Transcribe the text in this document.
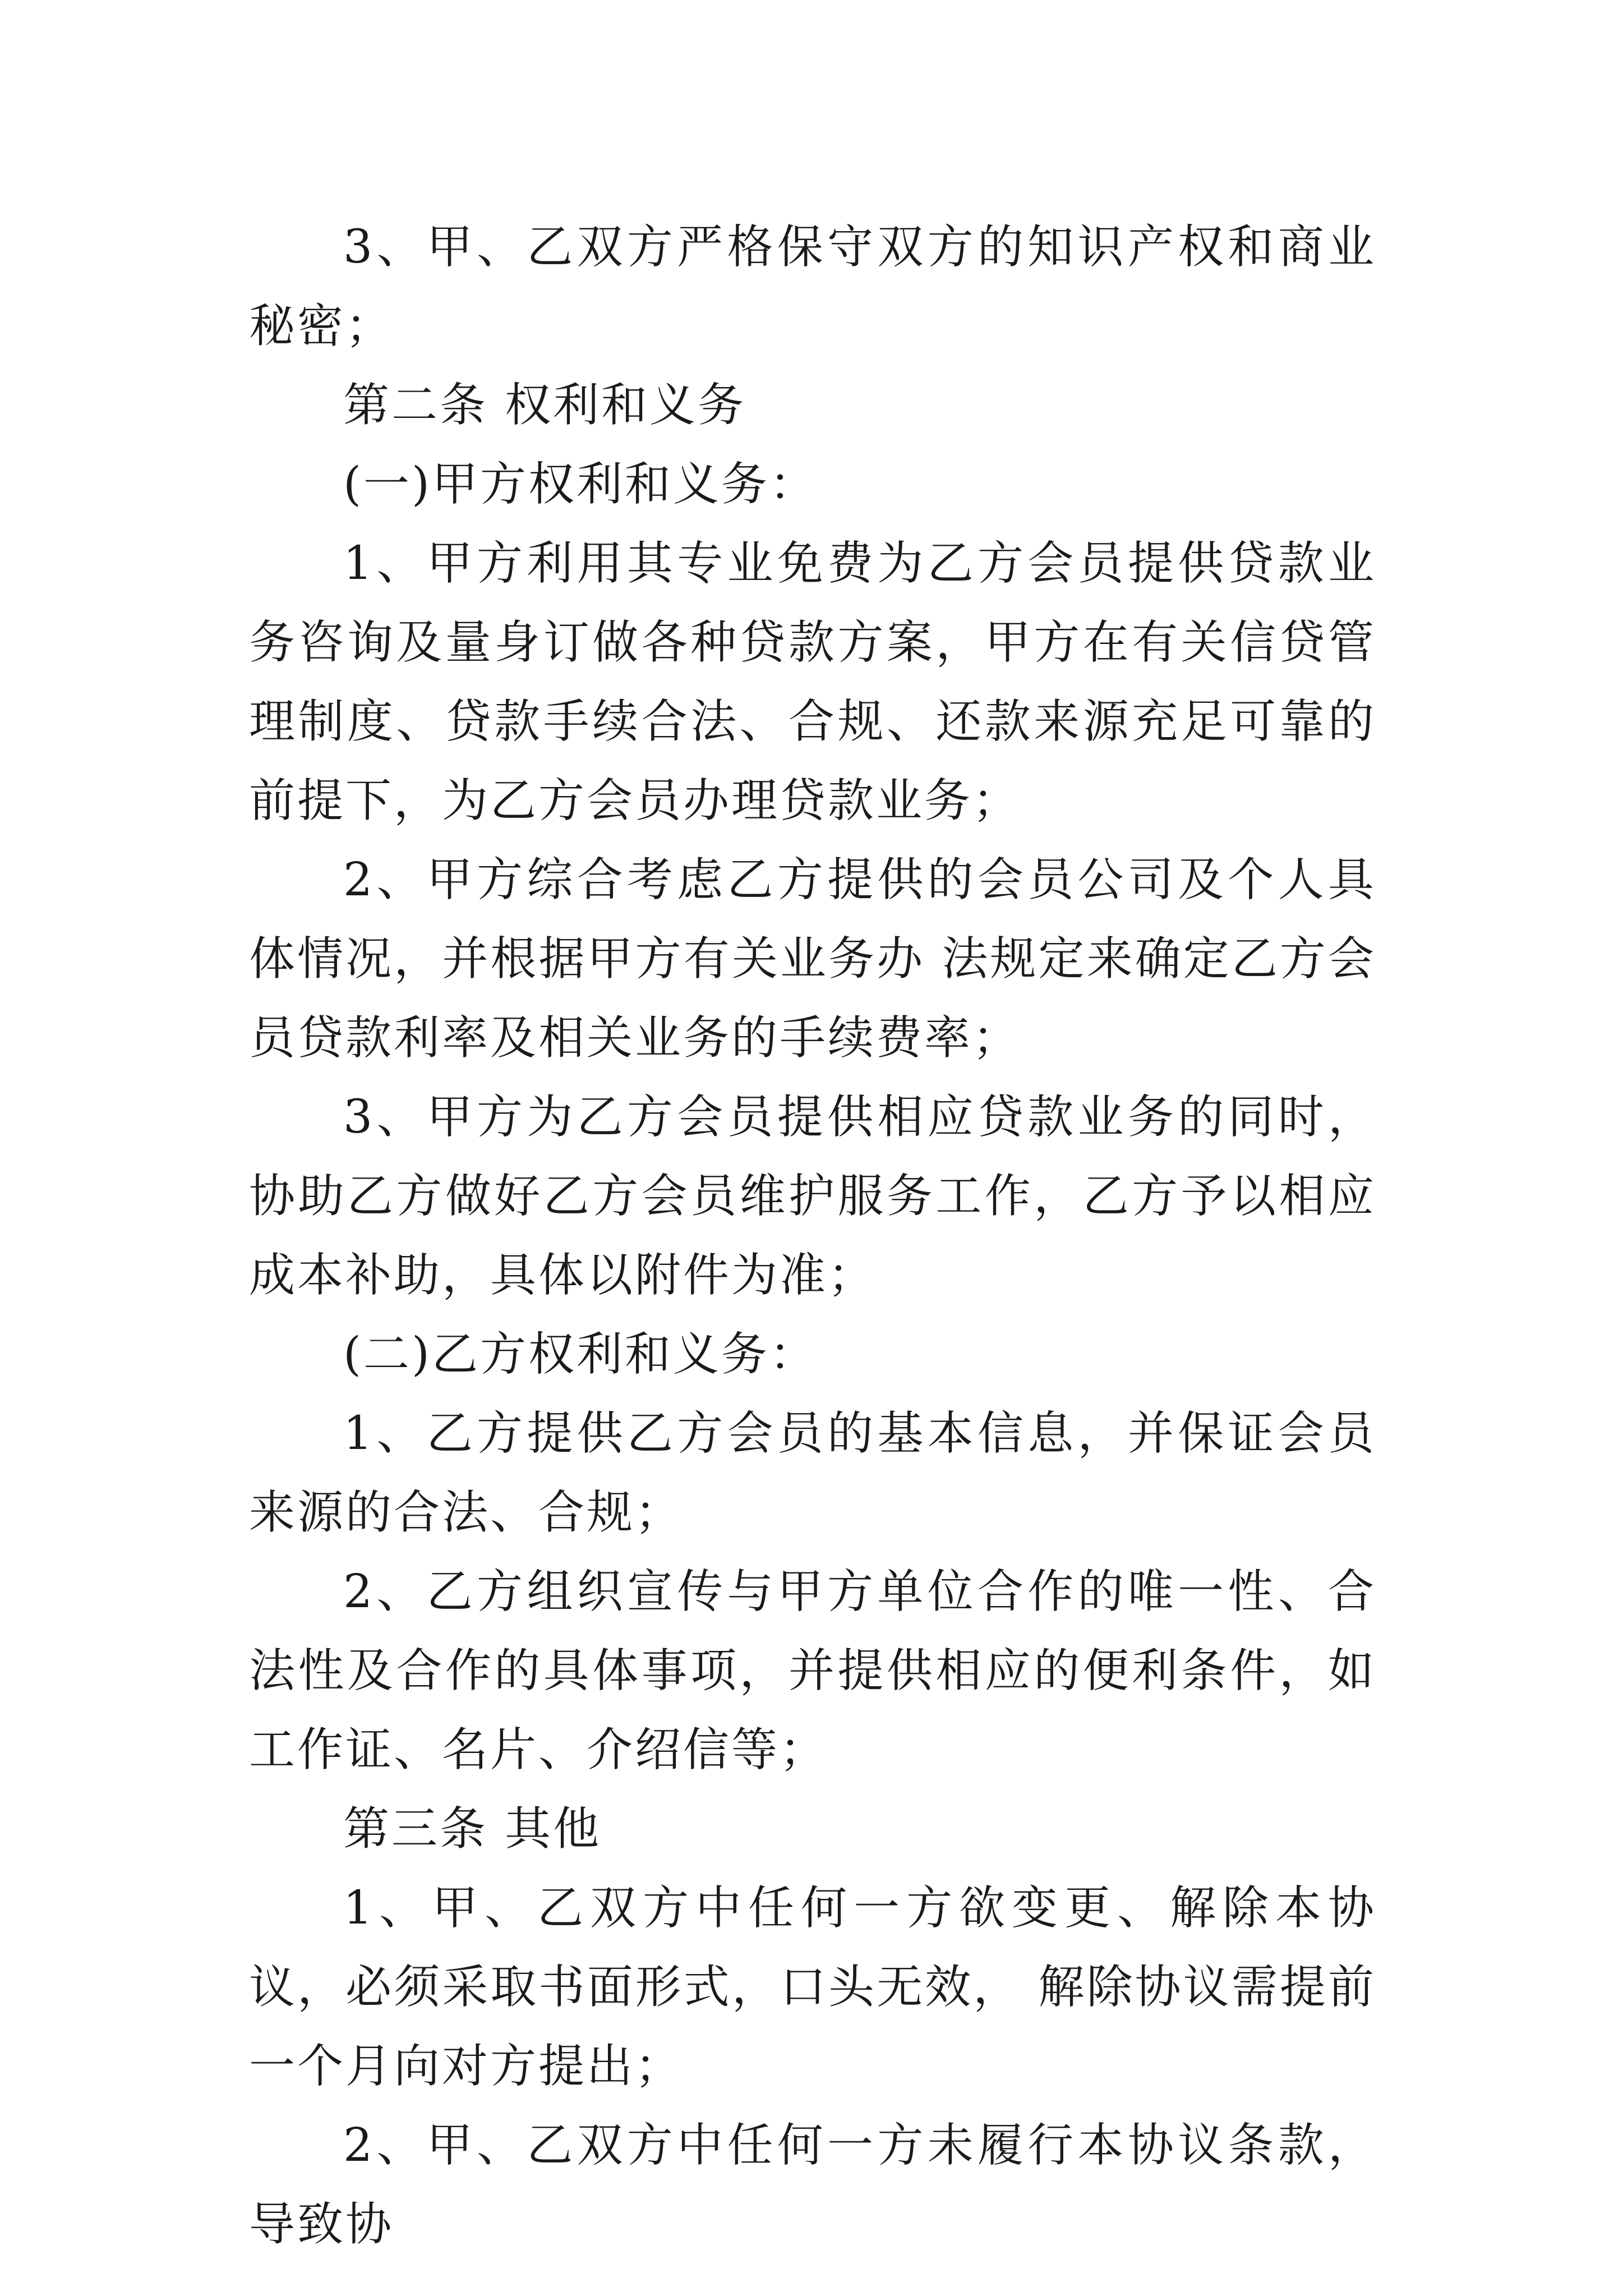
3、甲、乙双方严格保守双方的知识产权和商业秘密；

第二条 权利和义务

(一)甲方权利和义务：

1、甲方利用其专业免费为乙方会员提供贷款业务咨询及量身订做各种贷款方案，甲方在有关信贷管理制度、贷款手续合法、合规、还款来源充足可靠的前提下，为乙方会员办理贷款业务；

2、甲方综合考虑乙方提供的会员公司及个人具体情况，并根据甲方有关业务办 法规定来确定乙方会员贷款利率及相关业务的手续费率；

3、甲方为乙方会员提供相应贷款业务的同时，协助乙方做好乙方会员维护服务工作，乙方予以相应成本补助，具体以附件为准；

(二)乙方权利和义务：

1、乙方提供乙方会员的基本信息，并保证会员来源的合法、合规；

2、乙方组织宣传与甲方单位合作的唯一性、合法性及合作的具体事项，并提供相应的便利条件，如工作证、名片、介绍信等；

第三条 其他

1、甲、乙双方中任何一方欲变更、解除本协议，必须采取书面形式，口头无效， 解除协议需提前一个月向对方提出；

2、甲、乙双方中任何一方未履行本协议条款，导致协
